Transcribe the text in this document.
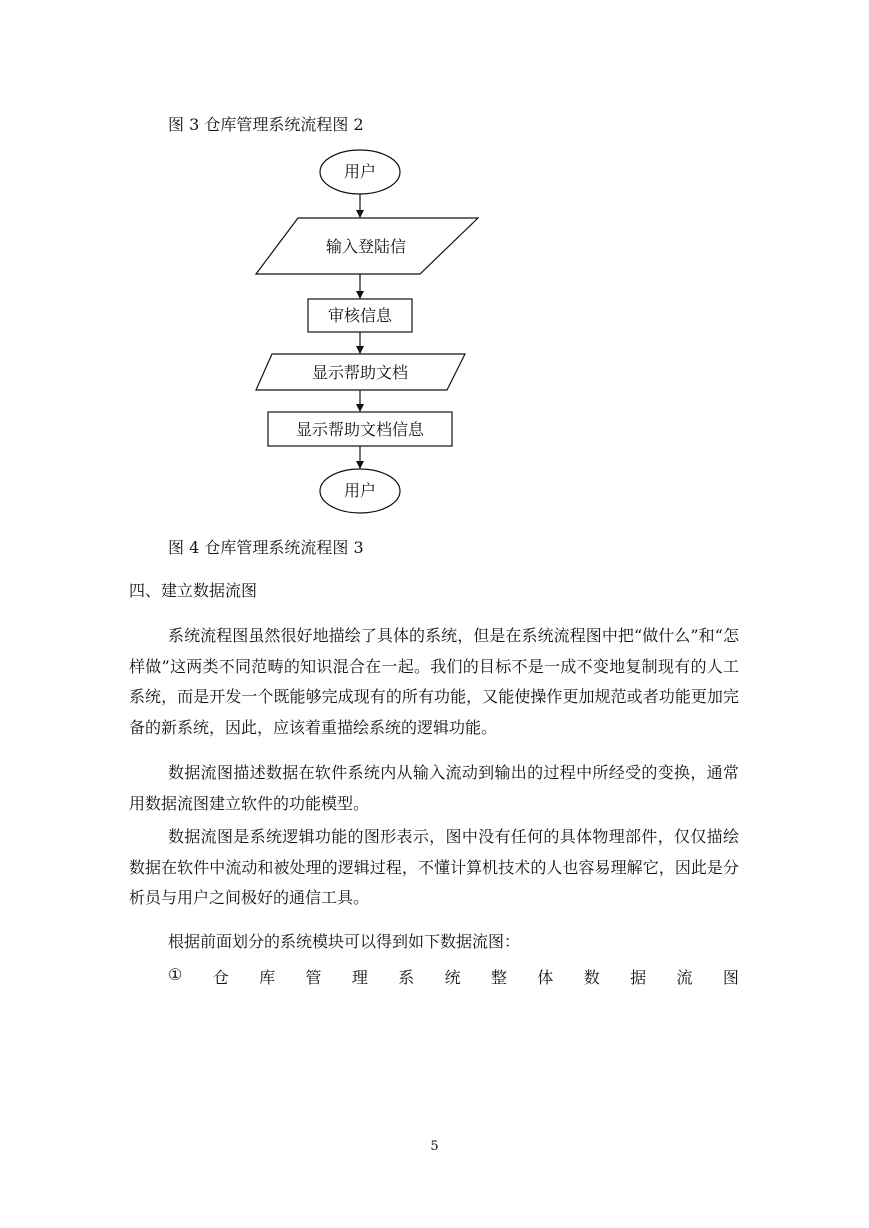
图 3 仓库管理系统流程图 2
用户
输入登陆信
审核信息
显示帮助文档
显示帮助文档信息
用户
图 4 仓库管理系统流程图 3
四、建立数据流图
系统流程图虽然很好地描绘了具体的系统，但是在系统流程图中把“做什么”和“怎样做”这两类不同范畴的知识混合在一起。我们的目标不是一成不变地复制现有的人工系统，而是开发一个既能够完成现有的所有功能，又能使操作更加规范或者功能更加完备的新系统，因此，应该着重描绘系统的逻辑功能。
数据流图描述数据在软件系统内从输入流动到输出的过程中所经受的变换，通常用数据流图建立软件的功能模型。
数据流图是系统逻辑功能的图形表示，图中没有任何的具体物理部件，仅仅描绘数据在软件中流动和被处理的逻辑过程，不懂计算机技术的人也容易理解它，因此是分析员与用户之间极好的通信工具。
根据前面划分的系统模块可以得到如下数据流图：
① 仓 库 管 理 系 统 整 体 数 据 流 图
5
